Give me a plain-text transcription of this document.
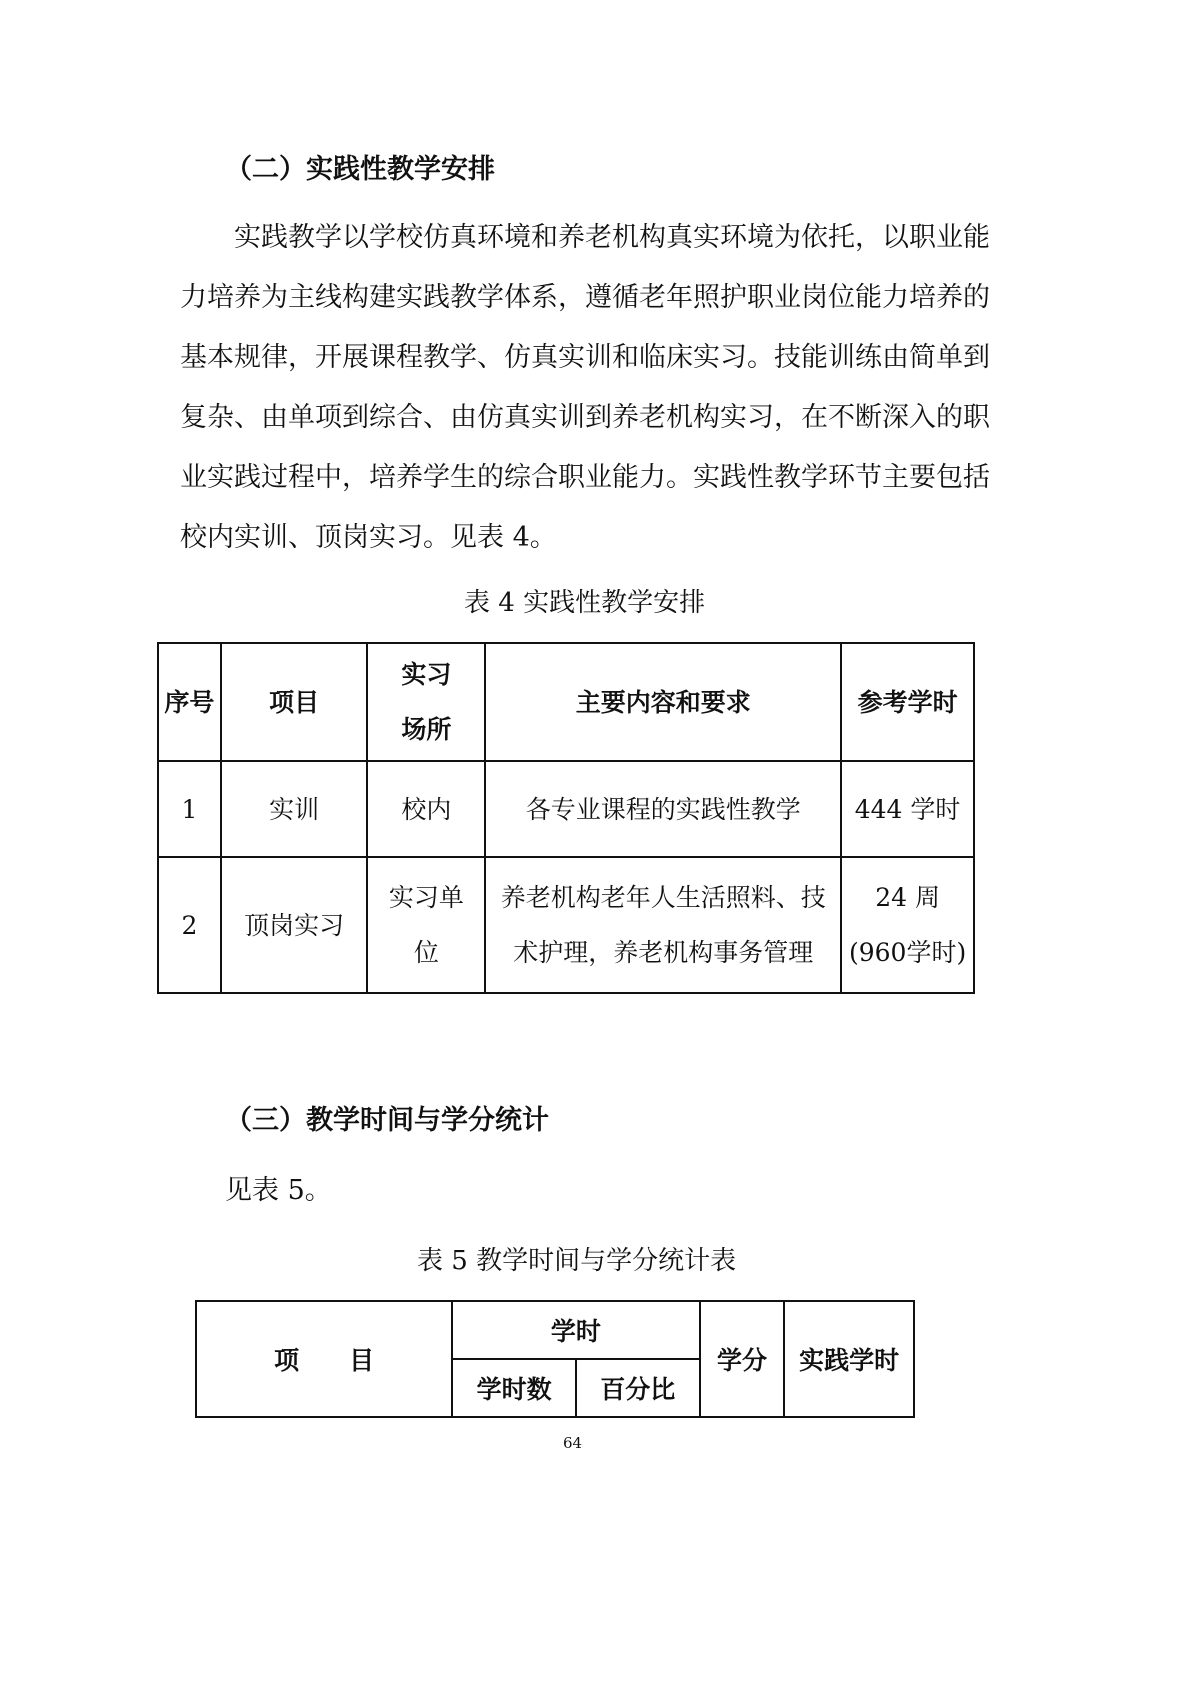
（二）实践性教学安排
实践教学以学校仿真环境和养老机构真实环境为依托，以职业能
力培养为主线构建实践教学体系，遵循老年照护职业岗位能力培养的
基本规律，开展课程教学、仿真实训和临床实习。技能训练由简单到
复杂、由单项到综合、由仿真实训到养老机构实习，在不断深入的职
业实践过程中，培养学生的综合职业能力。实践性教学环节主要包括
校内实训、顶岗实习。见表 4。
表 4 实践性教学安排
序号	项目	实习场所	主要内容和要求	参考学时
1	实训	校内	各专业课程的实践性教学	444 学时
2	顶岗实习	实习单位	养老机构老年人生活照料、技术护理，养老机构事务管理	24 周(960学时)
（三）教学时间与学分统计
见表 5。
表 5 教学时间与学分统计表
项　　目	学时		学分	实践学时
	学时数	百分比		
64
